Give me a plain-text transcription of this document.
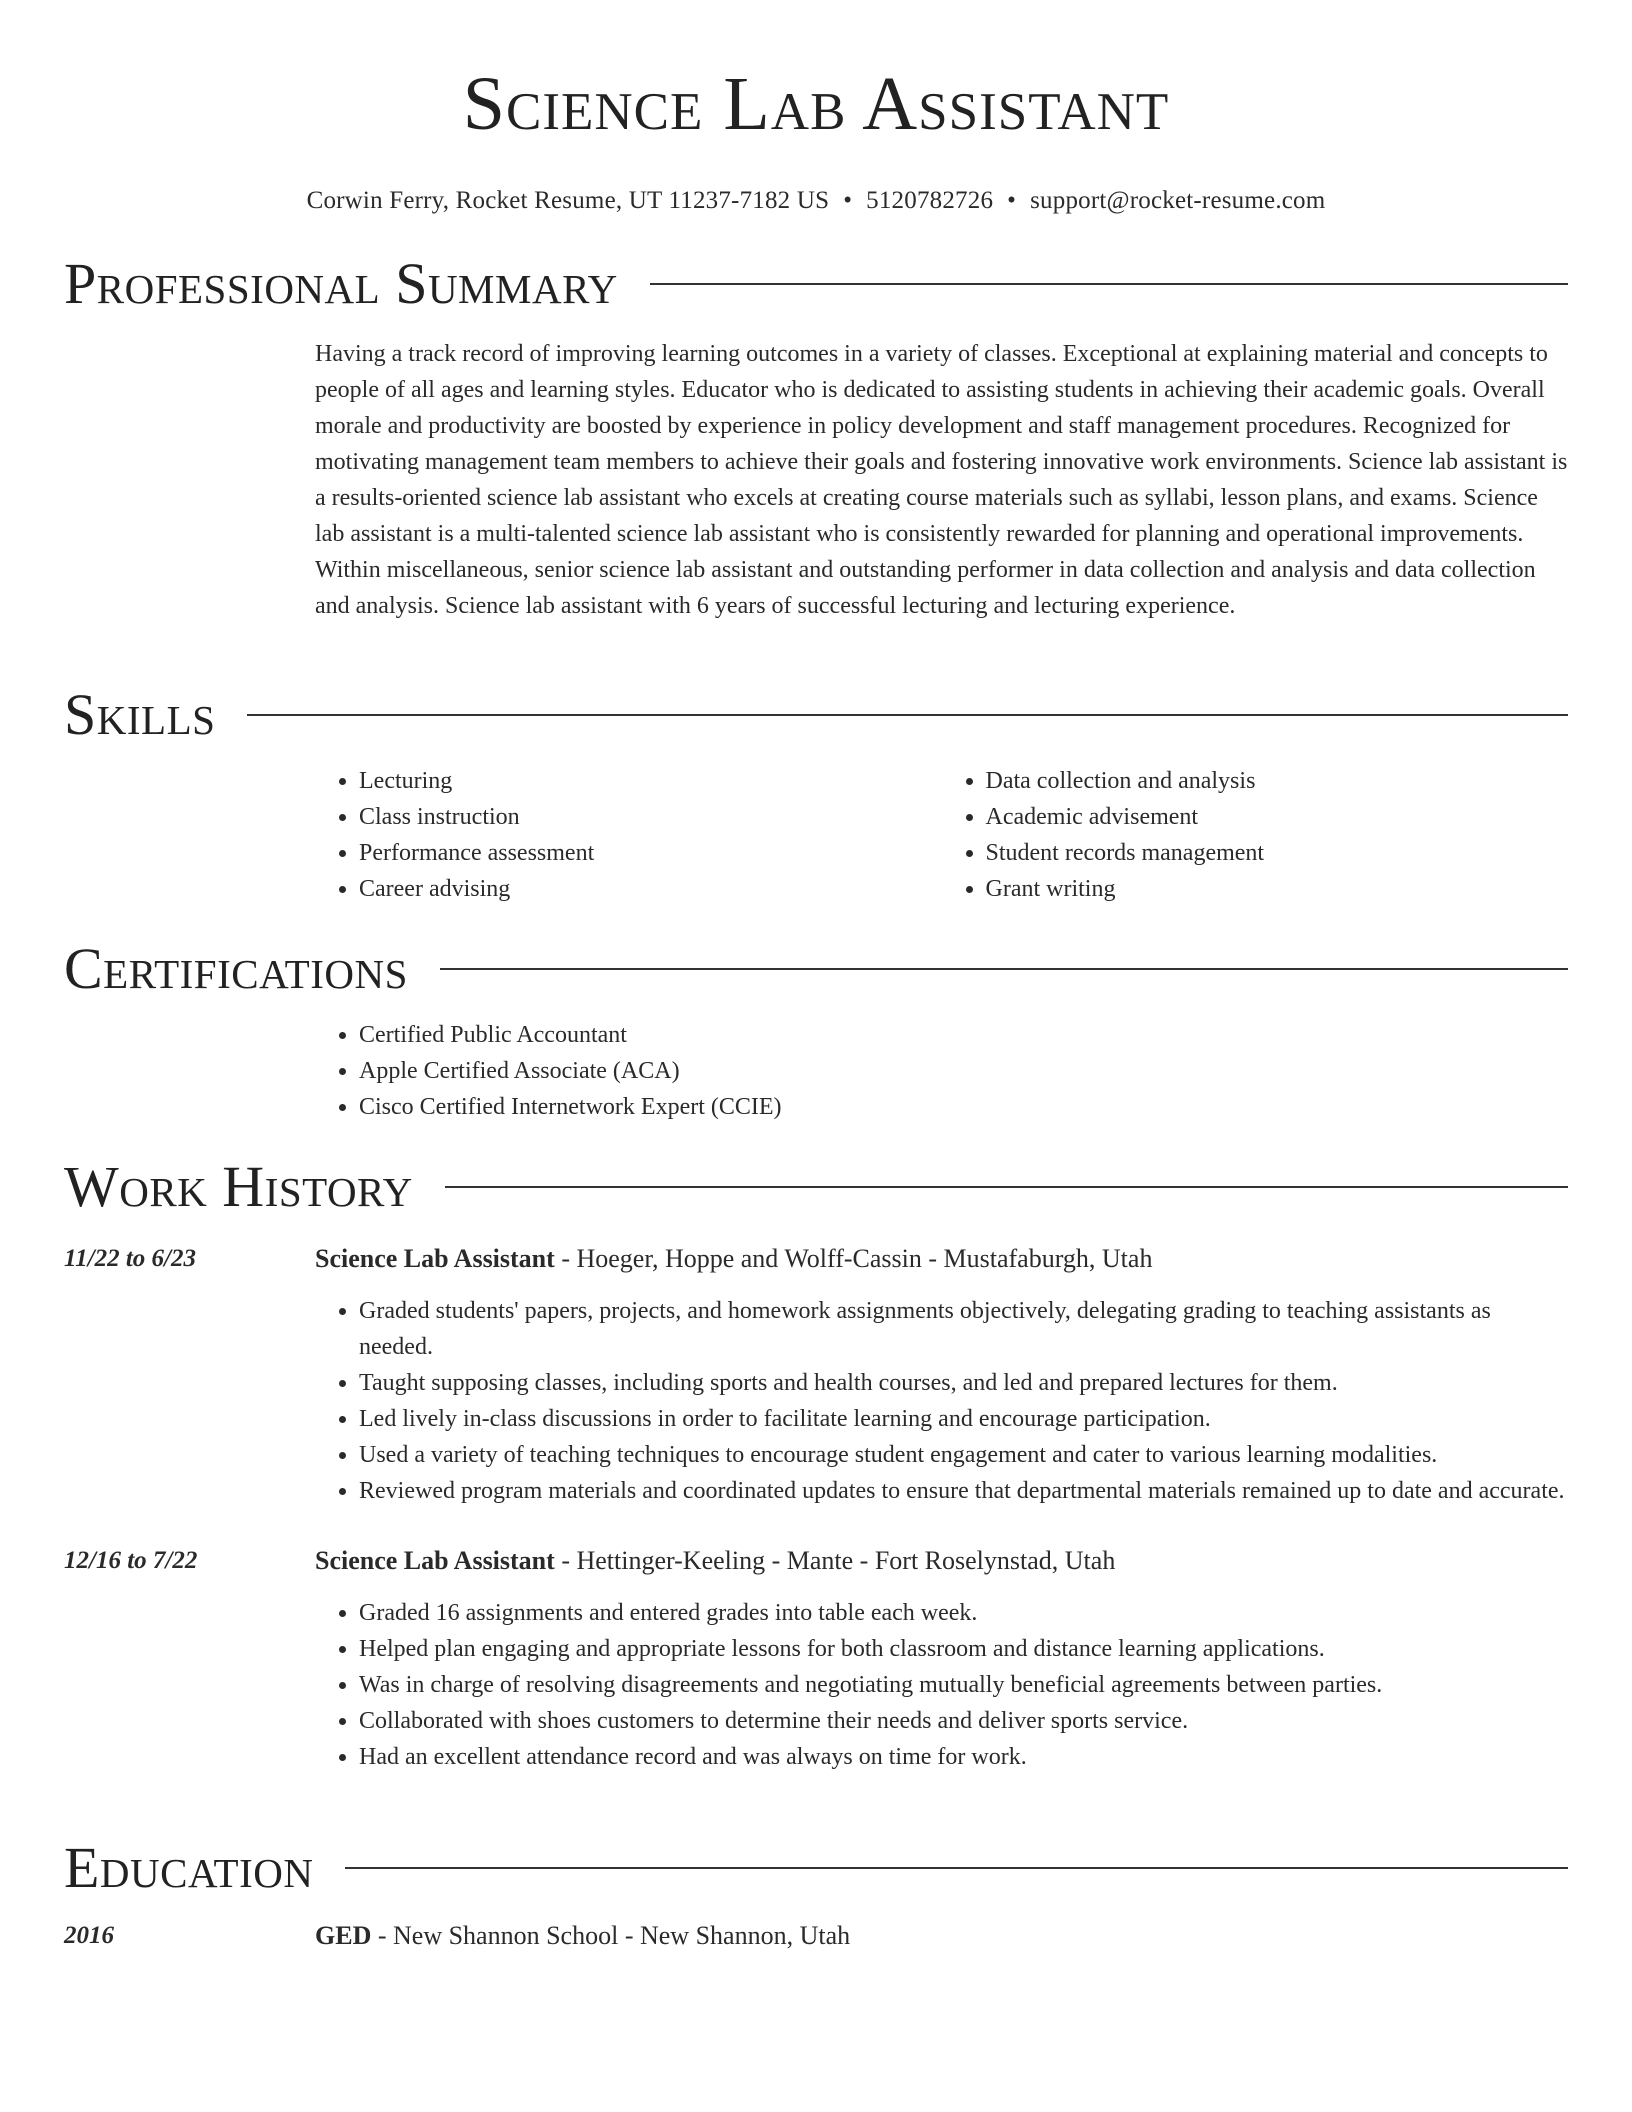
Science Lab Assistant
Corwin Ferry, Rocket Resume, UT 11237-7182 US • 5120782726 • support@rocket-resume.com
Professional Summary

Having a track record of improving learning outcomes in a variety of classes. Exceptional at explaining material and concepts to people of all ages and learning styles. Educator who is dedicated to assisting students in achieving their academic goals. Overall morale and productivity are boosted by experience in policy development and staff management procedures. Recognized for motivating management team members to achieve their goals and fostering innovative work environments. Science lab assistant is a results-oriented science lab assistant who excels at creating course materials such as syllabi, lesson plans, and exams. Science lab assistant is a multi-talented science lab assistant who is consistently rewarded for planning and operational improvements. Within miscellaneous, senior science lab assistant and outstanding performer in data collection and analysis and data collection and analysis. Science lab assistant with 6 years of successful lecturing and lecturing experience.

Skills
• Lecturing
• Class instruction
• Performance assessment
• Career advising
• Data collection and analysis
• Academic advisement
• Student records management
• Grant writing
Certifications
• Certified Public Accountant
• Apple Certified Associate (ACA)
• Cisco Certified Internetwork Expert (CCIE)
Work History
11/22 to 6/23	Science Lab Assistant - Hoeger, Hoppe and Wolff-Cassin - Mustafaburgh, Utah
• Graded students' papers, projects, and homework assignments objectively, delegating grading to teaching assistants as needed.
• Taught supposing classes, including sports and health courses, and led and prepared lectures for them.
• Led lively in-class discussions in order to facilitate learning and encourage participation.
• Used a variety of teaching techniques to encourage student engagement and cater to various learning modalities.
• Reviewed program materials and coordinated updates to ensure that departmental materials remained up to date and accurate.
12/16 to 7/22	Science Lab Assistant - Hettinger-Keeling - Mante - Fort Roselynstad, Utah
• Graded 16 assignments and entered grades into table each week.
• Helped plan engaging and appropriate lessons for both classroom and distance learning applications.
• Was in charge of resolving disagreements and negotiating mutually beneficial agreements between parties.
• Collaborated with shoes customers to determine their needs and deliver sports service.
• Had an excellent attendance record and was always on time for work.
Education
2016	GED - New Shannon School - New Shannon, Utah
